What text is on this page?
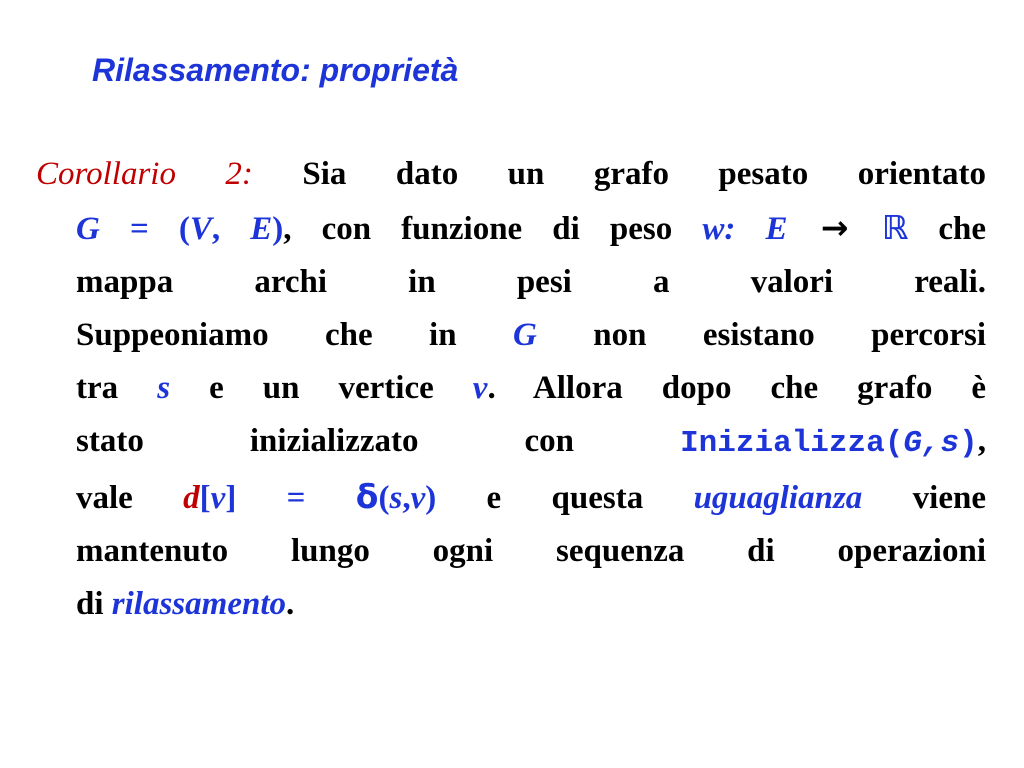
Rilassamento: proprietà
Corollario 2: Sia dato un grafo pesato orientato
G = (V, E), con funzione di peso w: E → ℝ che
mappa archi in pesi a valori reali.
Suppeoniamo che in G non esistano percorsi
tra s e un vertice v. Allora dopo che grafo è
stato inizializzato con Inizializza(G,s),
vale d[v] = δ(s,v) e questa uguaglianza viene
mantenuto lungo ogni sequenza di operazioni
di rilassamento.
